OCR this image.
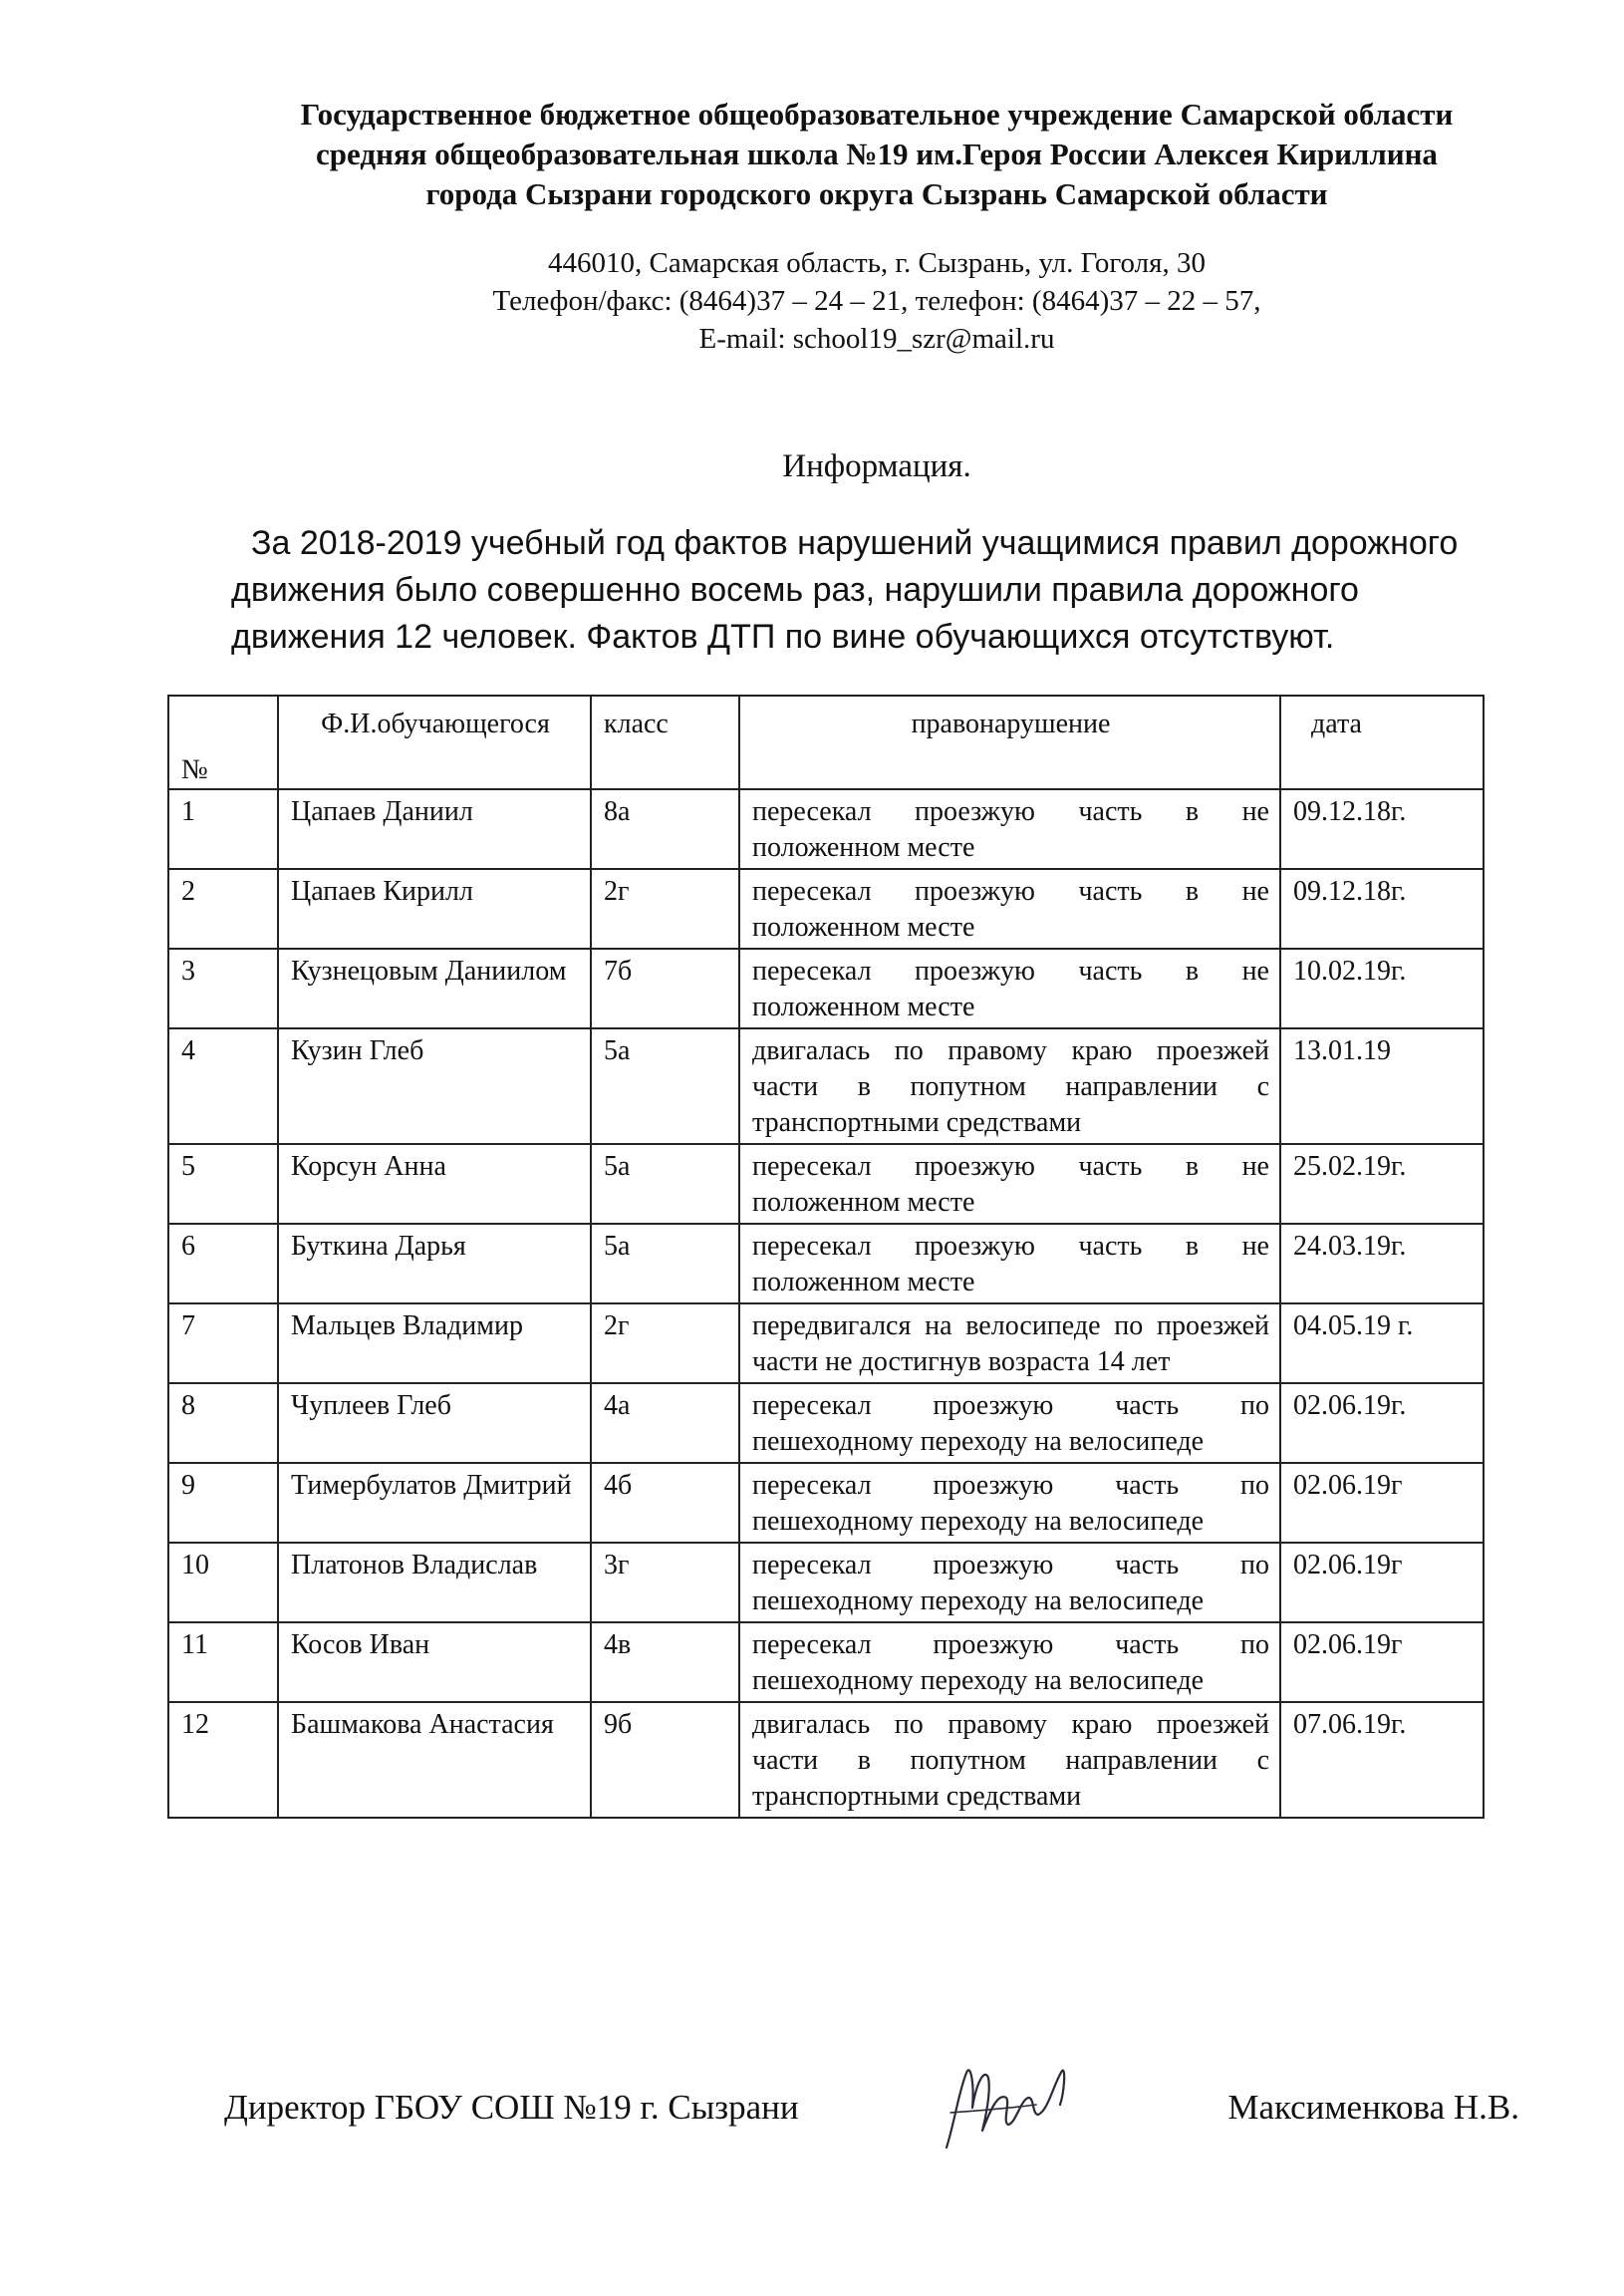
Государственное бюджетное общеобразовательное учреждение Самарской области
средняя общеобразовательная школа №19 им.Героя России Алексея Кириллина
города Сызрани городского округа Сызрань Самарской области
446010, Самарская область, г. Сызрань, ул. Гоголя, 30
Телефон/факс: (8464)37 – 24 – 21, телефон: (8464)37 – 22 – 57,
E-mail: school19_szr@mail.ru
Информация.
За 2018-2019 учебный год фактов нарушений учащимися правил дорожного движения было совершенно восемь раз, нарушили правила дорожного движения 12 человек. Фактов ДТП по вине обучающихся отсутствуют.
№	Ф.И.обучающегося	класс	правонарушение	дата
1	Цапаев Даниил	8а	пересекал проезжую часть в не положенном месте	09.12.18г.
2	Цапаев Кирилл	2г	пересекал проезжую часть в не положенном месте	09.12.18г.
3	Кузнецовым Даниилом	7б	пересекал проезжую часть в не положенном месте	10.02.19г.
4	Кузин Глеб	5а	двигалась по правому краю проезжей части в попутном направлении с транспортными средствами	13.01.19
5	Корсун Анна	5а	пересекал проезжую часть в не положенном месте	25.02.19г.
6	Буткина Дарья	5а	пересекал проезжую часть в не положенном месте	24.03.19г.
7	Мальцев Владимир	2г	передвигался на велосипеде по проезжей части не достигнув возраста 14 лет	04.05.19 г.
8	Чуплеев Глеб	4а	пересекал проезжую часть по пешеходному переходу на велосипеде	02.06.19г.
9	Тимербулатов Дмитрий	4б	пересекал проезжую часть по пешеходному переходу на велосипеде	02.06.19г
10	Платонов Владислав	3г	пересекал проезжую часть по пешеходному переходу на велосипеде	02.06.19г
11	Косов Иван	4в	пересекал проезжую часть по пешеходному переходу на велосипеде	02.06.19г
12	Башмакова Анастасия	9б	двигалась по правому краю проезжей части в попутном направлении с транспортными средствами	07.06.19г.
Директор ГБОУ СОШ №19 г. Сызрани	Максименкова Н.В.
